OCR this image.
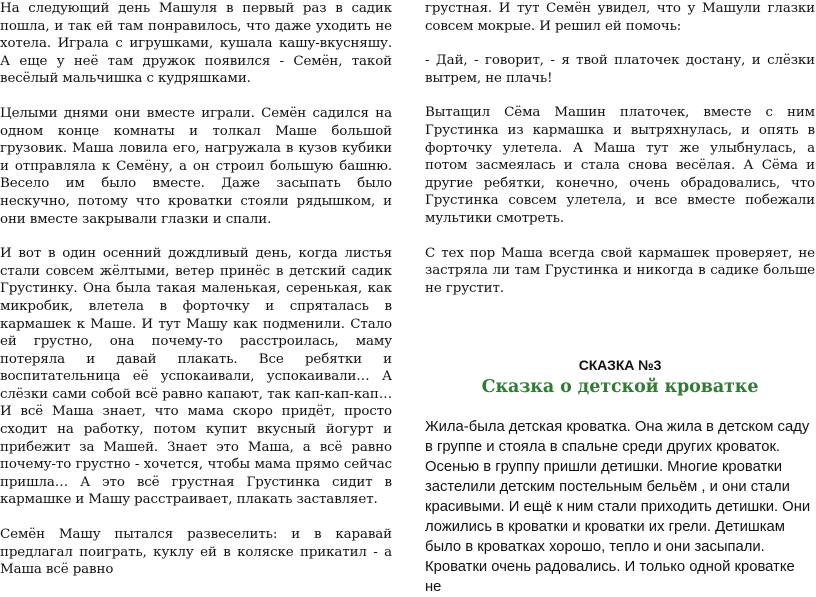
На следующий день Машуля в первый раз в садик пошла, и так ей там понравилось, что даже уходить не хотела. Играла с игрушками, кушала кашу-вкусняшу. А еще у неё там дружок появился - Семён, такой весёлый мальчишка с кудряшками.

Целыми днями они вместе играли. Семён садился на одном конце комнаты и толкал Маше большой грузовик. Маша ловила его, нагружала в кузов кубики и отправляла к Семёну, а он строил большую башню. Весело им было вместе. Даже засыпать было нескучно, потому что кроватки стояли рядышком, и они вместе закрывали глазки и спали.

И вот в один осенний дождливый день, когда листья стали совсем жёлтыми, ветер принёс в детский садик Грустинку. Она была такая маленькая, серенькая, как микробик, влетела в форточку и спряталась в кармашек к Маше. И тут Машу как подменили. Стало ей грустно, она почему-то расстроилась, маму потеряла и давай плакать. Все ребятки и воспитательница её успокаивали, успокаивали… А слёзки сами собой всё равно капают, так кап-кап-кап… И всё Маша знает, что мама скоро придёт, просто сходит на работку, потом купит вкусный йогурт и прибежит за Машей. Знает это Маша, а всё равно почему-то грустно - хочется, чтобы мама прямо сейчас пришла… А это всё грустная Грустинка сидит в кармашке и Машу расстраивает, плакать заставляет.

Семён Машу пытался развеселить: и в каравай предлагал поиграть, куклу ей в коляске прикатил - а Маша всё равно

грустная. И тут Семён увидел, что у Машули глазки совсем мокрые. И решил ей помочь:

- Дай, - говорит, - я твой платочек достану, и слёзки вытрем, не плачь!

Вытащил Сёма Машин платочек, вместе с ним Грустинка из кармашка и вытряхнулась, и опять в форточку улетела. А Маша тут же улыбнулась, а потом засмеялась и стала снова весёлая. А Сёма и другие ребятки, конечно, очень обрадовались, что Грустинка совсем улетела, и все вместе побежали мультики смотреть.

С тех пор Маша всегда свой кармашек проверяет, не застряла ли там Грустинка и никогда в садике больше не грустит.

СКАЗКА №3

Сказка о детской кроватке

Жила-была детская кроватка. Она жила в детском саду в группе и стояла в спальне среди других кроваток. Осенью в группу пришли детишки. Многие кроватки застелили детским постельным бельём , и они стали красивыми. И ещё к ним стали приходить детишки. Они ложились в кроватки и кроватки их грели. Детишкам было в кроватках хорошо, тепло и они засыпали. Кроватки очень радовались. И только одной кроватке не
